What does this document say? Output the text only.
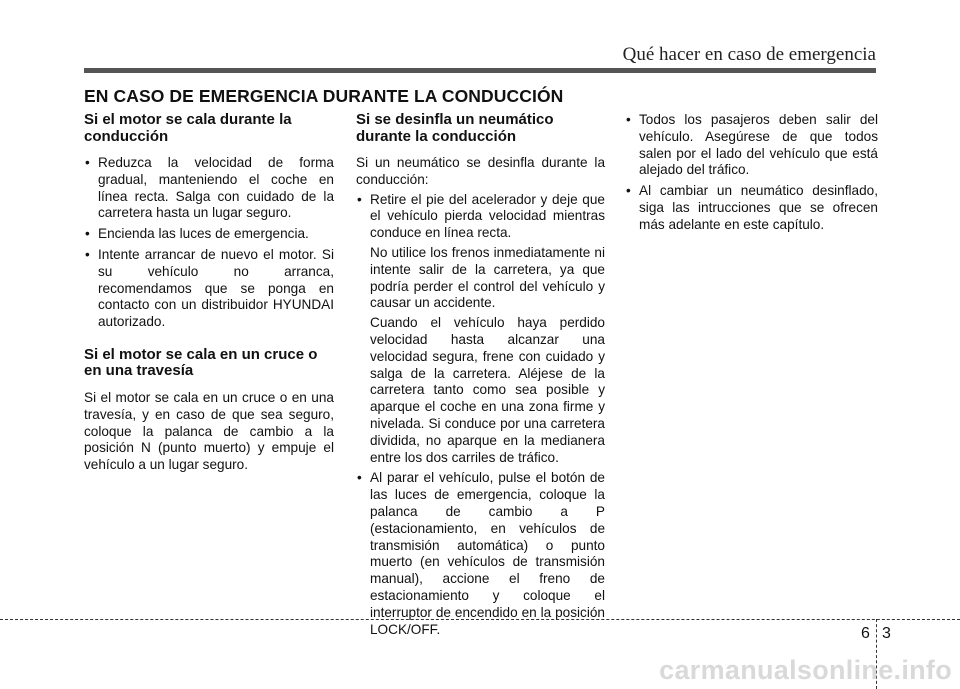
Qué hacer en caso de emergencia
EN CASO DE EMERGENCIA DURANTE LA CONDUCCIÓN
Si el motor se cala durante la conducción
• Reduzca la velocidad de forma gradual, manteniendo el coche en línea recta. Salga con cuidado de la carretera hasta un lugar seguro.
• Encienda las luces de emergencia.
• Intente arrancar de nuevo el motor. Si su vehículo no arranca, recomendamos que se ponga en contacto con un distribuidor HYUNDAI autorizado.
Si el motor se cala en un cruce o en una travesía

Si el motor se cala en un cruce o en una travesía, y en caso de que sea seguro, coloque la palanca de cambio a la posición N (punto muerto) y empuje el vehículo a un lugar seguro.

Si se desinfla un neumático durante la conducción

Si un neumático se desinfla durante la conducción:

• Retire el pie del acelerador y deje que el vehículo pierda velocidad mientras conduce en línea recta.
No utilice los frenos inmediatamente ni intente salir de la carretera, ya que podría perder el control del vehículo y causar un accidente.
Cuando el vehículo haya perdido velocidad hasta alcanzar una velocidad segura, frene con cuidado y salga de la carretera. Aléjese de la carretera tanto como sea posible y aparque el coche en una zona firme y nivelada. Si conduce por una carretera dividida, no aparque en la medianera entre los dos carriles de tráfico.
• Al parar el vehículo, pulse el botón de las luces de emergencia, coloque la palanca de cambio a P (estacionamiento, en vehículos de transmisión automática) o punto muerto (en vehículos de transmisión manual), accione el freno de estacionamiento y coloque el interruptor de encendido en la posición LOCK/OFF.
• Todos los pasajeros deben salir del vehículo. Asegúrese de que todos salen por el lado del vehículo que está alejado del tráfico.
• Al cambiar un neumático desinflado, siga las intrucciones que se ofrecen más adelante en este capítulo.
6 3
carmanualsonline.info
